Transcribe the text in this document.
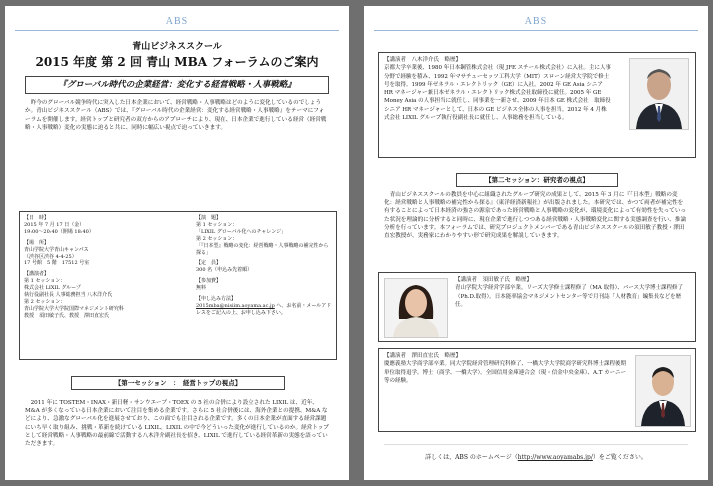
ABS
青山ビジネススクール
2015 年度 第 2 回 青山 MBA フォーラムのご案内
『グローバル時代の企業経営：変化する経営戦略・人事戦略』
　昨今のグローバル競争時代に突入した日本企業において、経営戦略・人事戦略はどのように変化しているのでしょうか。青山ビジネススクール（ABS）では、『グローバル時代の企業経営：変化する経営戦略・人事戦略』をテーマにフォーラムを開催します。経営トップと研究者の双方からのアプローチにより、現在、日本企業で進行している経営（経営戦略・人事戦略）変化の実態に迫ると共に、同時に幅広い視点で迫っていきます。
【日　時】
2015 年 7 月 17 日（金）
19:00～20:40（開場 18:40）
【場　所】
青山学院大学青山キャンパス
（渋谷区渋谷 4-4-25）
17 号館　5 階　17512 号室
【講演者】
第 1 セッション：
株式会社 LIXIL グループ
執行役副社長 人事総務担当 八木洋介氏
第 2 セッション：
青山学院大学大学院国際マネジメント研究科
教授　須田敏子氏、教授　澤田直宏氏
【演　題】
第 1 セッション：
「LIXIL グローバル化へのチャレンジ」
第 2 セッション：
「『日本型』戦略の変化：経営戦略・人事戦略の補完性から探る」
【定　員】
300 名（申込み先着順）
【参加費】
無料
【申し込み方法】
2015mba@nisiim.aoyama.ac.jp へ、お名前・メールアドレスをご記入の上、お申し込み下さい。
【第一セッション　：　経営トップの視点】
　2011 年に TOSTEM・INAX・新日軽・サンウエーブ・TOEX の 5 社の合併により設立された LIXIL は、近年、M&A が多くなっている日本企業において注目を集める企業です。さらに 5 社合併後には、海外企業との提携、M&A などにより、急激なグローバル化を進展させており、この面でも注目される企業です。多くの日本企業が直面する経営課題にいち早く取り組み、挑戦・革新を続けている LIXIL。LIXIL の中で今どういった変化が進行しているのか。経営トップとして経営戦略・人事戦略の最前線で活動する八木洋介副社長を招き、LIXIL で進行している経営革新の実態を語っていただきます。
ABS
【講演者　八木洋介氏　略歴】
京都大学卒業後、1980 年日本鋼管株式会社（現 JFE スチール株式会社）に入社。主に人事分野で経験を積み、1992 年マサチューセッツ工科大学（MIT）スローン経営大学院で修士号を取得。1999 年ゼネラル・エレクトリック（GE）に入社。2002 年 GE Asia シニア HR マネージャー兼日本ゼネラル・エレクトリック株式会社取締役に就任。2005 年 GE Money Asia の人事担当に就任し、同事業を一新させ、2009 年日本 GE 株式会社　取締役シニア HR マネージャーとして、日本の GE ビジネス全体の人事を担当。2012 年 4 月株式会社 LIXIL グループ執行役副社長に就任し、人事総務を担当している。
【第二セッション：研究者の視点】
　青山ビジネススクールの教員を中心に組織されたグループ研究の成果として、2015 年 3 月に『「日本型」戦略の変化：経営戦略と人事戦略の補完性から探る』（東洋経済新報社）が出版されました。本研究では、かつて両者が補完性を有することによって日本経済の強さの源泉であった経営戦略と人事戦略の変化が、環境変化によって有効性を失っていった状況を理論的に分析すると同時に、現在企業で進行しつつある経営戦略・人事戦略変化に関する実態調査を行い、推論分析を行っています。本フォーラムでは、研究プロジェクトメンバーである青山ビジネススクールの須田敏子教授・澤田直宏教授が、実務家にわかりやすい形で研究成果を解説していきます。
【講演者　須田敏子氏　略歴】
青山学院大学経営学部卒業。リーズ大学修士課程修了（MA 取得）、バース大学博士課程修了（Ph.D.取得）。日本能率協会マネジメントセンター等で月刊誌「人材教育」編集長などを歴任。
【講演者　澤田直宏氏　略歴】
慶應義塾大学商学部卒業。同大学院経営管理研究科修了、一橋大学大学院商学研究科博士課程後期単位取得退学。博士（商学、一橋大学）。全国信用金庫連合会（現・信金中央金庫）、A.T カーニー等の経験。
詳しくは、ABS のホームページ（http://www.aoyamabs.jp/）をご覧ください。
